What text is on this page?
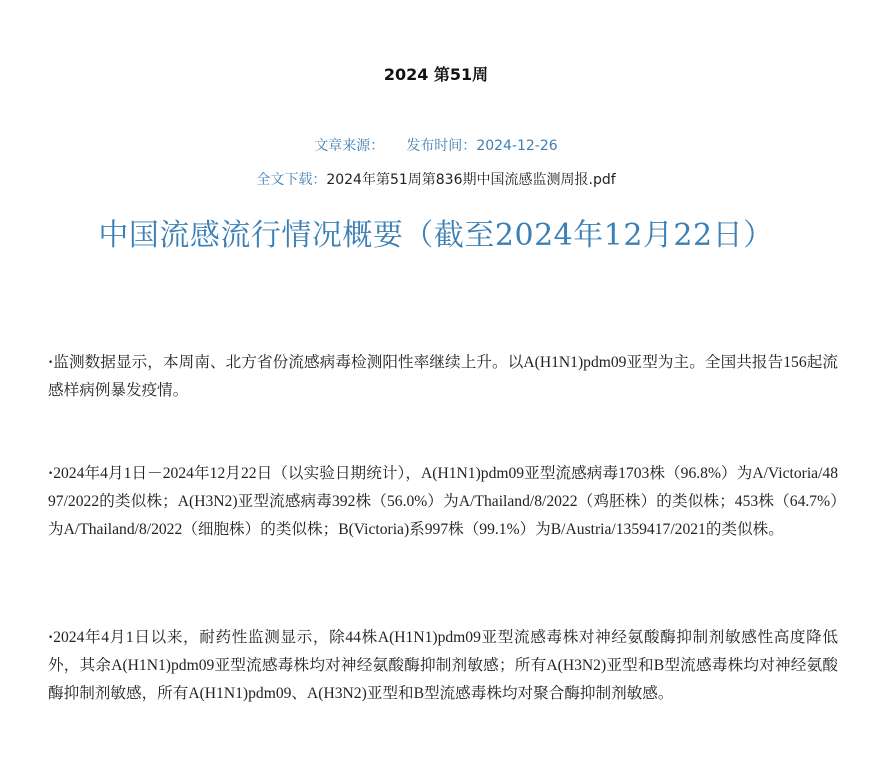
2024 第51周
文章来源： 发布时间：2024-12-26
全文下载：2024年第51周第836期中国流感监测周报.pdf
中国流感流行情况概要（截至2024年12月22日）
·监测数据显示，本周南、北方省份流感病毒检测阳性率继续上升。以A(H1N1)pdm09亚型为主。全国共报告156起流感样病例暴发疫情。
·2024年4月1日－2024年12月22日（以实验日期统计），A(H1N1)pdm09亚型流感病毒1703株（96.8%）为A/Victoria/4897/2022的类似株；A(H3N2)亚型流感病毒392株（56.0%）为A/Thailand/8/2022（鸡胚株）的类似株；453株（64.7%）为A/Thailand/8/2022（细胞株）的类似株；B(Victoria)系997株（99.1%）为B/Austria/1359417/2021的类似株。
·2024年4月1日以来，耐药性监测显示，除44株A(H1N1)pdm09亚型流感毒株对神经氨酸酶抑制剂敏感性高度降低外，其余A(H1N1)pdm09亚型流感毒株均对神经氨酸酶抑制剂敏感；所有A(H3N2)亚型和B型流感毒株均对神经氨酸酶抑制剂敏感，所有A(H1N1)pdm09、A(H3N2)亚型和B型流感毒株均对聚合酶抑制剂敏感。
